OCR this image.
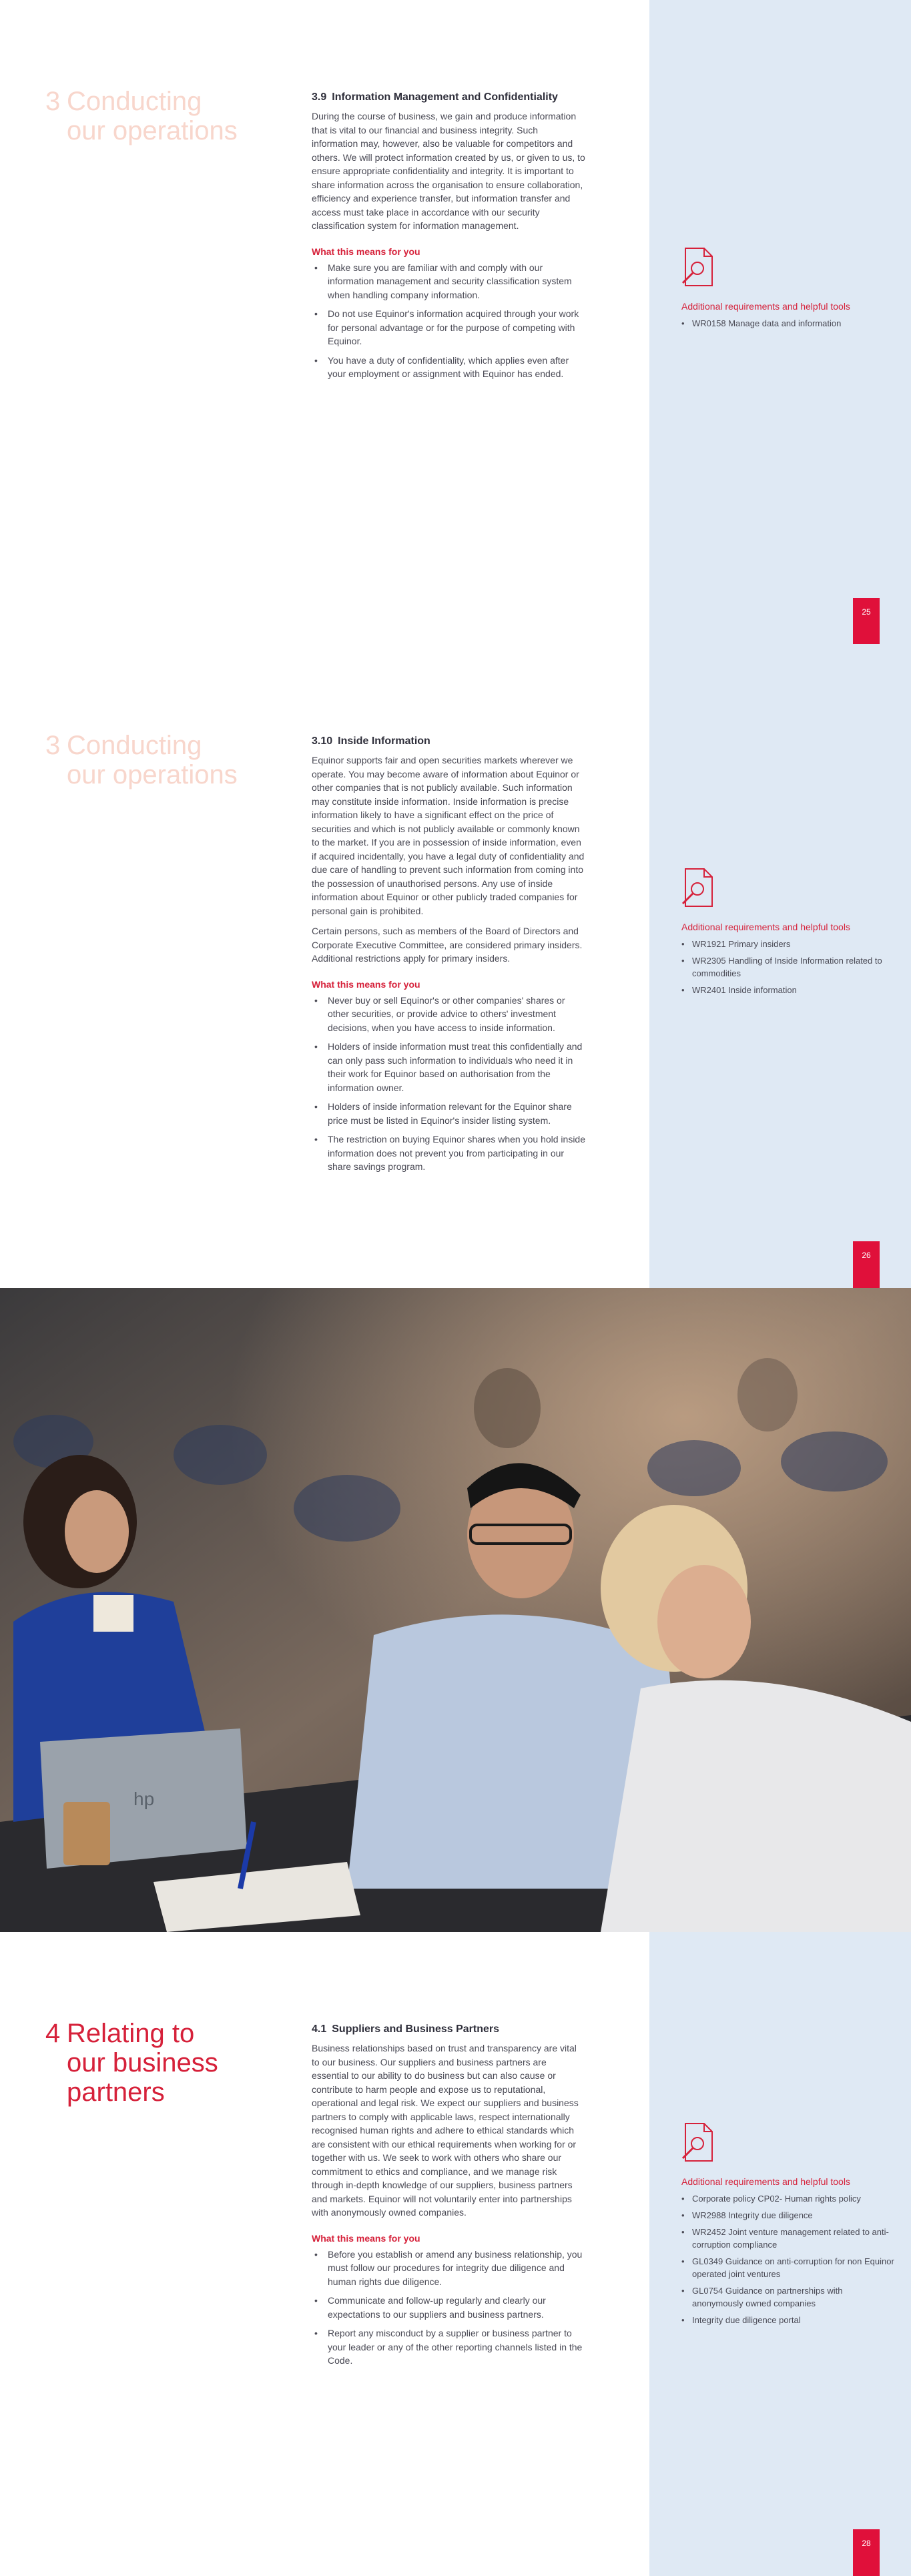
3 Conducting
our operations
3.9 Information Management and Confidentiality

During the course of business, we gain and produce information that is vital to our financial and business integrity. Such information may, however, also be valuable for competitors and others. We will protect information created by us, or given to us, to ensure appropriate confidentiality and integrity. It is important to share information across the organisation to ensure collaboration, efficiency and experience transfer, but information transfer and access must take place in accordance with our security classification system for information management.

What this means for you
• Make sure you are familiar with and comply with our information management and security classification system when handling company information.
• Do not use Equinor's information acquired through your work for personal advantage or for the purpose of competing with Equinor.
• You have a duty of confidentiality, which applies even after your employment or assignment with Equinor has ended.
Additional requirements and helpful tools
• WR0158 Manage data and information
25
3 Conducting
our operations
3.10 Inside Information

Equinor supports fair and open securities markets wherever we operate. You may become aware of information about Equinor or other companies that is not publicly available. Such information may constitute inside information. Inside information is precise information likely to have a significant effect on the price of securities and which is not publicly available or commonly known to the market. If you are in possession of inside information, even if acquired incidentally, you have a legal duty of confidentiality and due care of handling to prevent such information from coming into the possession of unauthorised persons. Any use of inside information about Equinor or other publicly traded companies for personal gain is prohibited.

Certain persons, such as members of the Board of Directors and Corporate Executive Committee, are considered primary insiders. Additional restrictions apply for primary insiders.

What this means for you
• Never buy or sell Equinor's or other companies' shares or other securities, or provide advice to others' investment decisions, when you have access to inside information.
• Holders of inside information must treat this confidentially and can only pass such information to individuals who need it in their work for Equinor based on authorisation from the information owner.
• Holders of inside information relevant for the Equinor share price must be listed in Equinor's insider listing system.
• The restriction on buying Equinor shares when you hold inside information does not prevent you from participating in our share savings program.
Additional requirements and helpful tools
• WR1921 Primary insiders
• WR2305 Handling of Inside Information related to commodities
• WR2401 Inside information
26
hp
4 Relating to
our business
partners
4.1 Suppliers and Business Partners

Business relationships based on trust and transparency are vital to our business. Our suppliers and business partners are essential to our ability to do business but can also cause or contribute to harm people and expose us to reputational, operational and legal risk. We expect our suppliers and business partners to comply with applicable laws, respect internationally recognised human rights and adhere to ethical standards which are consistent with our ethical requirements when working for or together with us. We seek to work with others who share our commitment to ethics and compliance, and we manage risk through in-depth knowledge of our suppliers, business partners and markets. Equinor will not voluntarily enter into partnerships with anonymously owned companies.

What this means for you
• Before you establish or amend any business relationship, you must follow our procedures for integrity due diligence and human rights due diligence.
• Communicate and follow-up regularly and clearly our expectations to our suppliers and business partners.
• Report any misconduct by a supplier or business partner to your leader or any of the other reporting channels listed in the Code.
Additional requirements and helpful tools
• Corporate policy CP02- Human rights policy
• WR2988 Integrity due diligence
• WR2452 Joint venture management related to anti-corruption compliance
• GL0349 Guidance on anti-corruption for non Equinor operated joint ventures
• GL0754 Guidance on partnerships with anonymously owned companies
• Integrity due diligence portal
28
